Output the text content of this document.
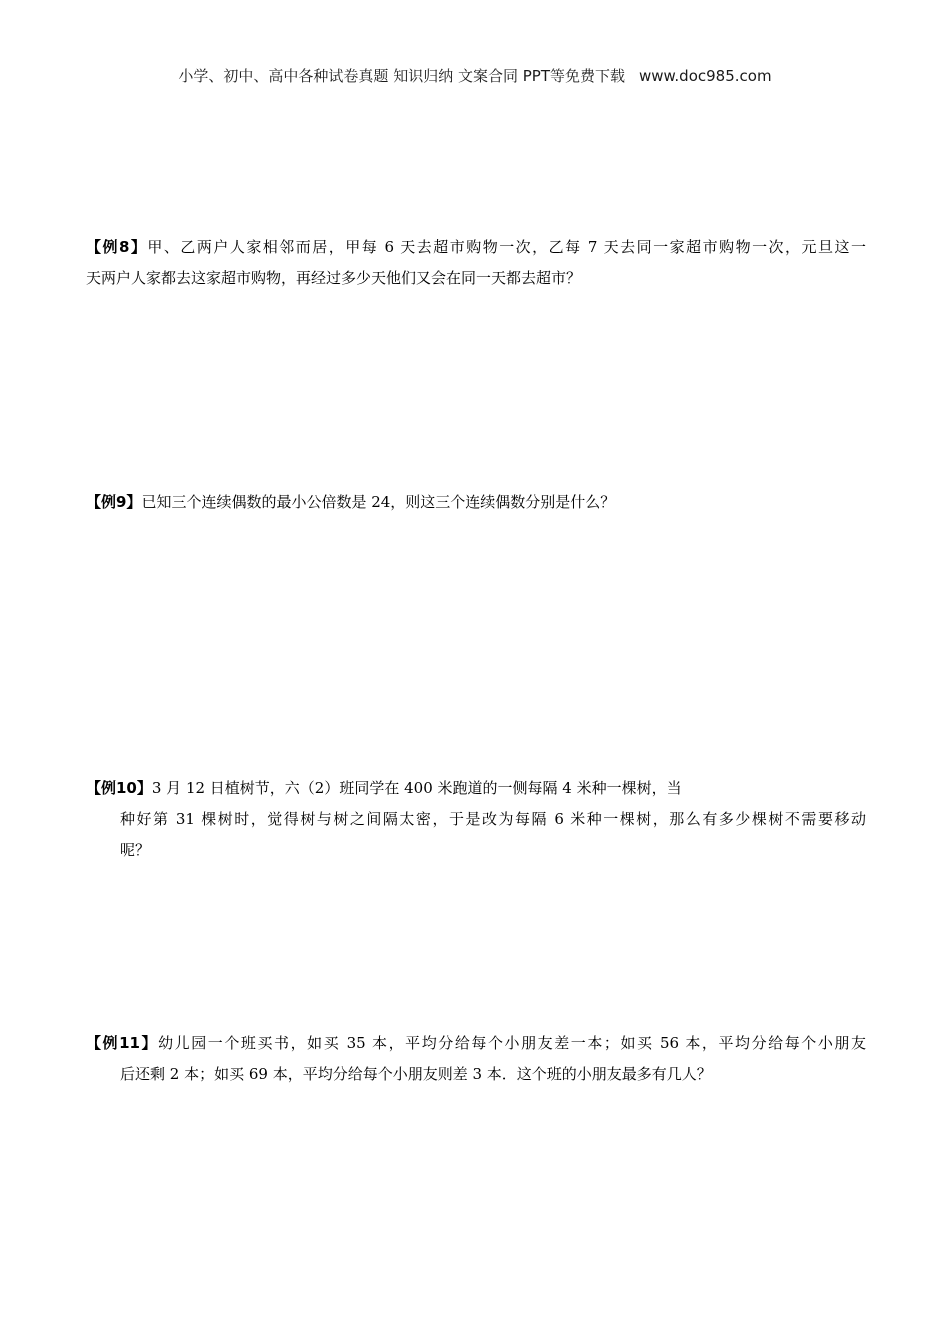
小学、初中、高中各种试卷真题 知识归纳 文案合同 PPT等免费下载 www.doc985.com
【例8】甲、乙两户人家相邻而居，甲每 6 天去超市购物一次，乙每 7 天去同一家超市购物一次，元旦这一
天两户人家都去这家超市购物，再经过多少天他们又会在同一天都去超市？
【例9】已知三个连续偶数的最小公倍数是 24，则这三个连续偶数分别是什么？
【例10】3 月 12 日植树节，六（2）班同学在 400 米跑道的一侧每隔 4 米种一棵树，当
种好第 31 棵树时，觉得树与树之间隔太密，于是改为每隔 6 米种一棵树，那么有多少棵树不需要移动
呢？
【例11】幼儿园一个班买书，如买 35 本，平均分给每个小朋友差一本；如买 56 本，平均分给每个小朋友
后还剩 2 本；如买 69 本，平均分给每个小朋友则差 3 本．这个班的小朋友最多有几人？
